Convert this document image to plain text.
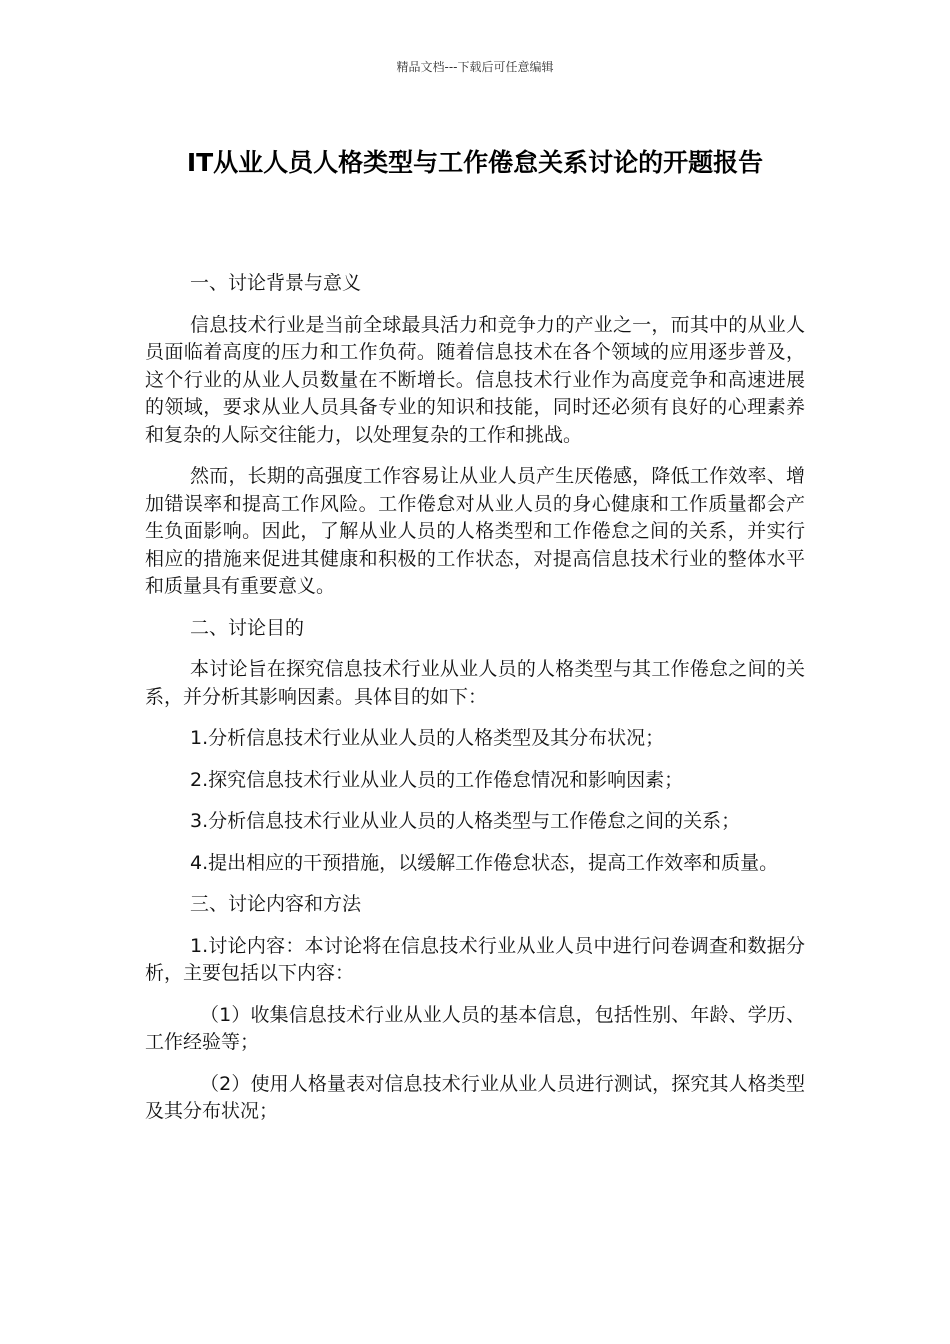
精品文档---下载后可任意编辑
IT从业人员人格类型与工作倦怠关系讨论的开题报告

一、讨论背景与意义

信息技术行业是当前全球最具活力和竞争力的产业之一，而其中的从业人员面临着高度的压力和工作负荷。随着信息技术在各个领域的应用逐步普及，这个行业的从业人员数量在不断增长。信息技术行业作为高度竞争和高速进展的领域，要求从业人员具备专业的知识和技能，同时还必须有良好的心理素养和复杂的人际交往能力，以处理复杂的工作和挑战。

然而，长期的高强度工作容易让从业人员产生厌倦感，降低工作效率、增加错误率和提高工作风险。工作倦怠对从业人员的身心健康和工作质量都会产生负面影响。因此，了解从业人员的人格类型和工作倦怠之间的关系，并实行相应的措施来促进其健康和积极的工作状态，对提高信息技术行业的整体水平和质量具有重要意义。

二、讨论目的

本讨论旨在探究信息技术行业从业人员的人格类型与其工作倦怠之间的关系，并分析其影响因素。具体目的如下：

1.分析信息技术行业从业人员的人格类型及其分布状况；

2.探究信息技术行业从业人员的工作倦怠情况和影响因素；

3.分析信息技术行业从业人员的人格类型与工作倦怠之间的关系；

4.提出相应的干预措施，以缓解工作倦怠状态，提高工作效率和质量。

三、讨论内容和方法

1.讨论内容：本讨论将在信息技术行业从业人员中进行问卷调查和数据分析，主要包括以下内容：

（1）收集信息技术行业从业人员的基本信息，包括性别、年龄、学历、工作经验等；

（2）使用人格量表对信息技术行业从业人员进行测试，探究其人格类型及其分布状况；
